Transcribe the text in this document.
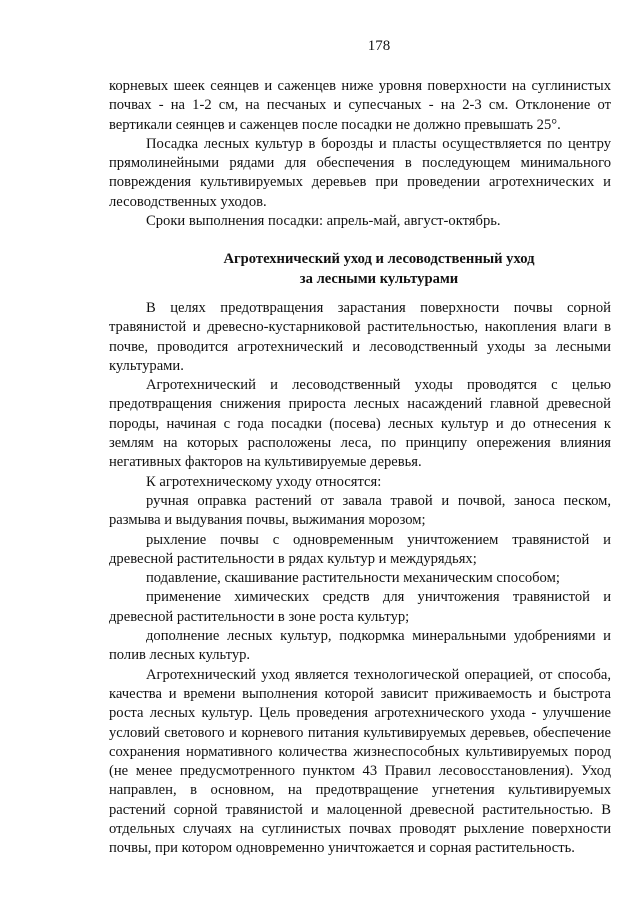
178

корневых шеек сеянцев и саженцев ниже уровня поверхности на суглинистых почвах - на 1-2 см, на песчаных и супесчаных - на 2-3 см. Отклонение от вертикали сеянцев и саженцев после посадки не должно превышать 25°.

Посадка лесных культур в борозды и пласты осуществляется по центру прямолинейными рядами для обеспечения в последующем минимального повреждения культивируемых деревьев при проведении агротехнических и лесоводственных уходов.

Сроки выполнения посадки: апрель-май, август-октябрь.

Агротехнический уход и лесоводственный уход
за лесными культурами

В целях предотвращения зарастания поверхности почвы сорной травянистой и древесно-кустарниковой растительностью, накопления влаги в почве, проводится агротехнический и лесоводственный уходы за лесными культурами.

Агротехнический и лесоводственный уходы проводятся с целью предотвращения снижения прироста лесных насаждений главной древесной породы, начиная с года посадки (посева) лесных культур и до отнесения к землям на которых расположены леса, по принципу опережения влияния негативных факторов на культивируемые деревья.

К агротехническому уходу относятся:

ручная оправка растений от завала травой и почвой, заноса песком, размыва и выдувания почвы, выжимания морозом;

рыхление почвы с одновременным уничтожением травянистой и древесной растительности в рядах культур и междурядьях;

подавление, скашивание растительности механическим способом;

применение химических средств для уничтожения травянистой и древесной растительности в зоне роста культур;

дополнение лесных культур, подкормка минеральными удобрениями и полив лесных культур.

Агротехнический уход является технологической операцией, от способа, качества и времени выполнения которой зависит приживаемость и быстрота роста лесных культур. Цель проведения агротехнического ухода - улучшение условий светового и корневого питания культивируемых деревьев, обеспечение сохранения нормативного количества жизнеспособных культивируемых пород (не менее предусмотренного пунктом 43 Правил лесовосстановления). Уход направлен, в основном, на предотвращение угнетения культивируемых растений сорной травянистой и малоценной древесной растительностью. В отдельных случаях на суглинистых почвах проводят рыхление поверхности почвы, при котором одновременно уничтожается и сорная растительность.
